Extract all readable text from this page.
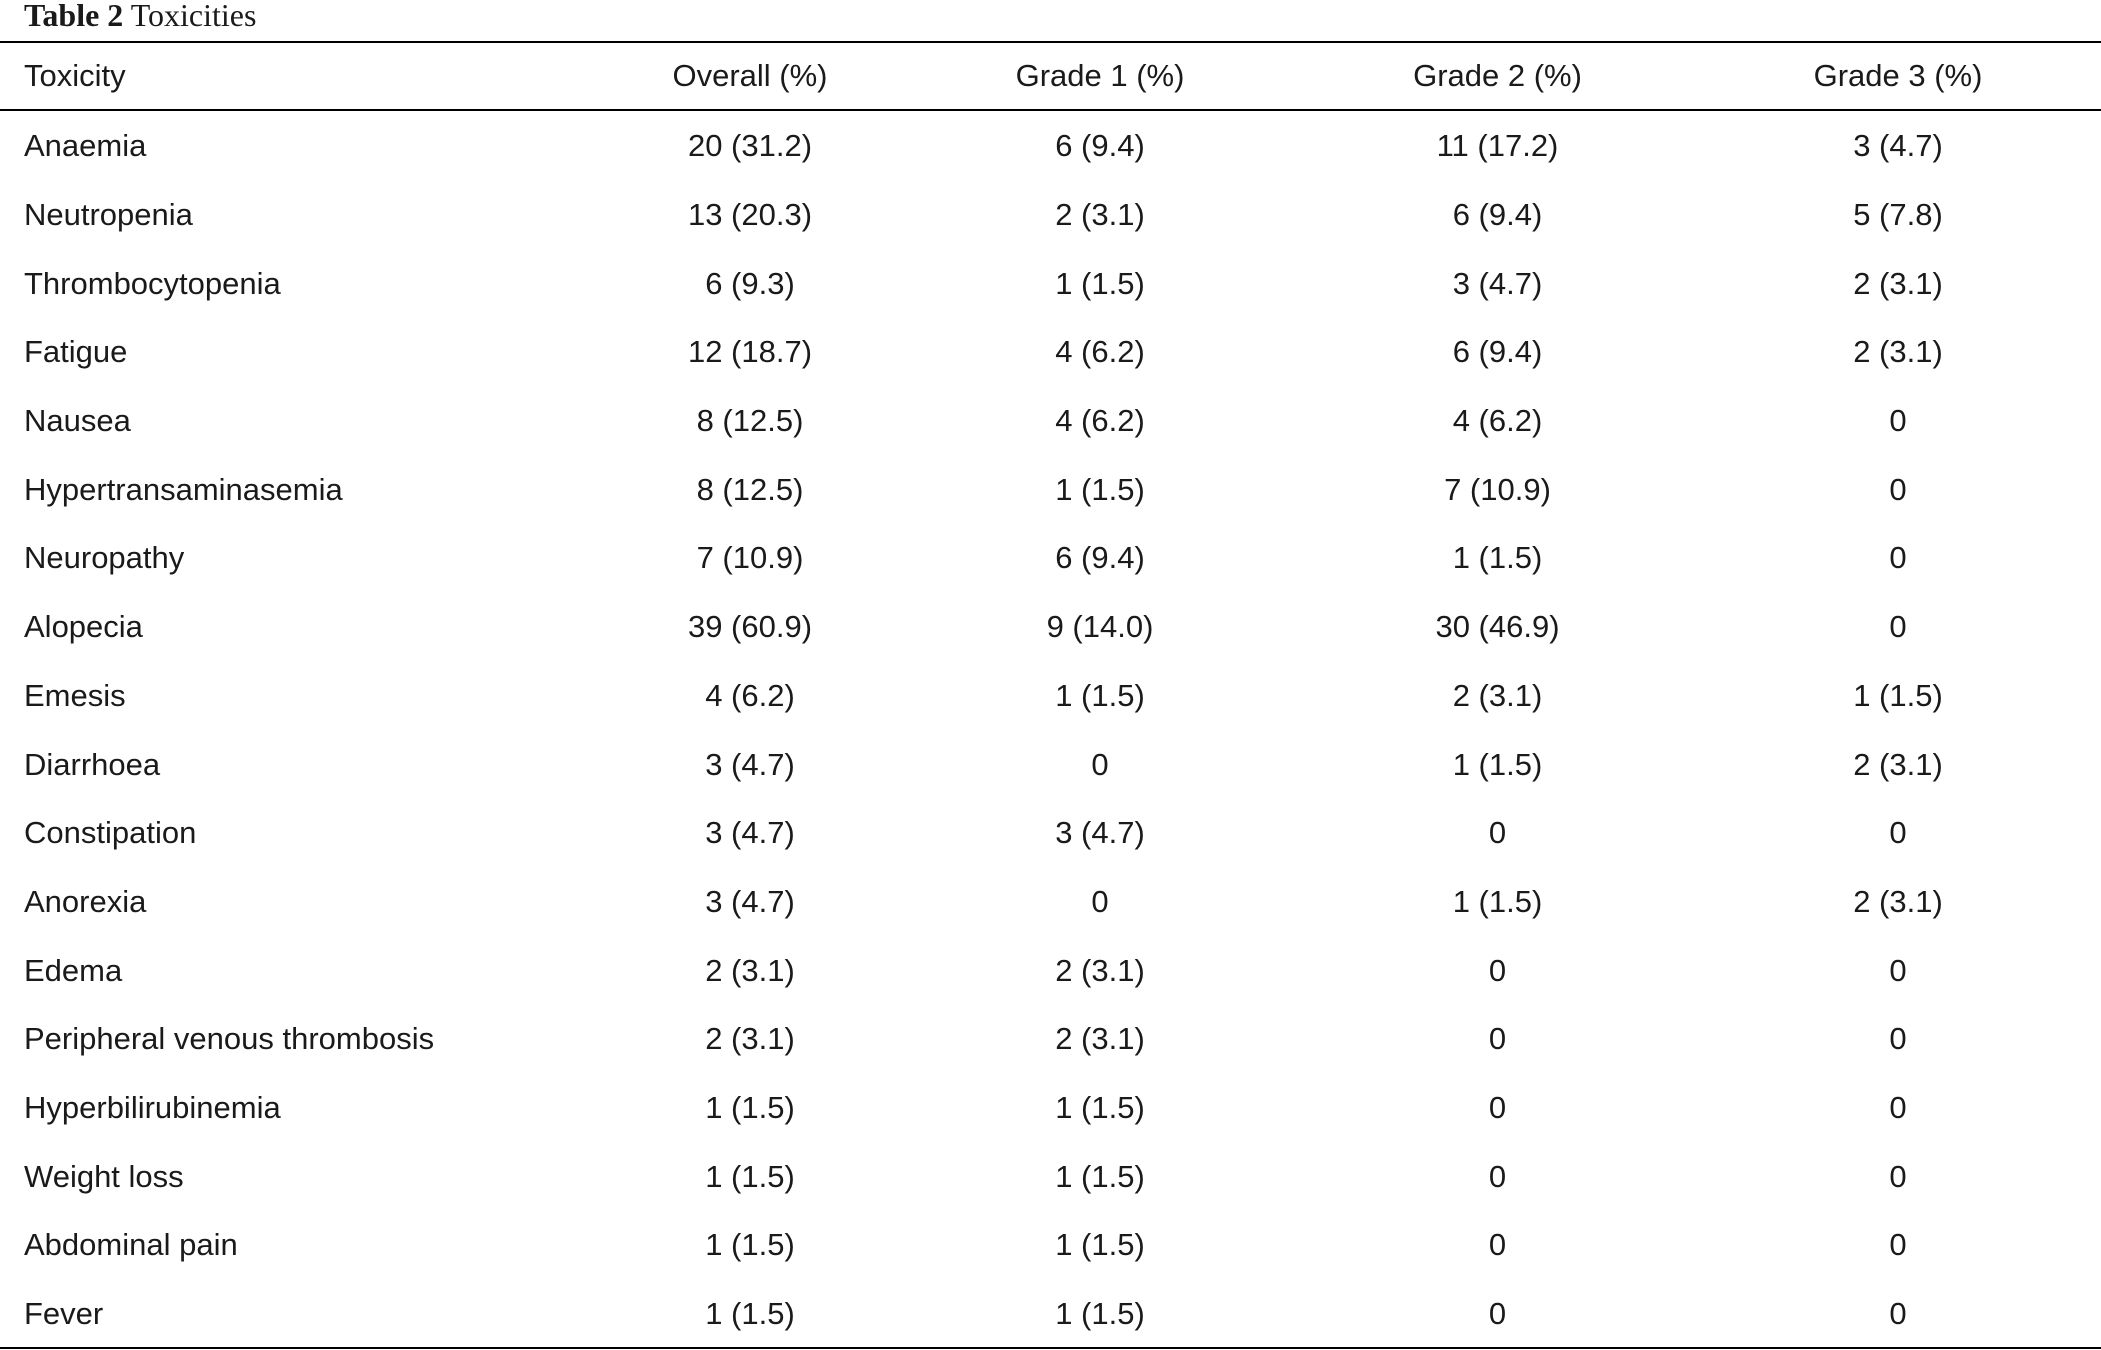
Table 2 Toxicities
Toxicity	Overall (%)	Grade 1 (%)	Grade 2 (%)	Grade 3 (%)

Anaemia	20 (31.2)	6 (9.4)	11 (17.2)	3 (4.7)
Neutropenia	13 (20.3)	2 (3.1)	6 (9.4)	5 (7.8)
Thrombocytopenia	6 (9.3)	1 (1.5)	3 (4.7)	2 (3.1)
Fatigue	12 (18.7)	4 (6.2)	6 (9.4)	2 (3.1)
Nausea	8 (12.5)	4 (6.2)	4 (6.2)	0
Hypertransaminasemia	8 (12.5)	1 (1.5)	7 (10.9)	0
Neuropathy	7 (10.9)	6 (9.4)	1 (1.5)	0
Alopecia	39 (60.9)	9 (14.0)	30 (46.9)	0
Emesis	4 (6.2)	1 (1.5)	2 (3.1)	1 (1.5)
Diarrhoea	3 (4.7)	0	1 (1.5)	2 (3.1)
Constipation	3 (4.7)	3 (4.7)	0	0
Anorexia	3 (4.7)	0	1 (1.5)	2 (3.1)
Edema	2 (3.1)	2 (3.1)	0	0
Peripheral venous thrombosis	2 (3.1)	2 (3.1)	0	0
Hyperbilirubinemia	1 (1.5)	1 (1.5)	0	0
Weight loss	1 (1.5)	1 (1.5)	0	0
Abdominal pain	1 (1.5)	1 (1.5)	0	0
Fever	1 (1.5)	1 (1.5)	0	0
